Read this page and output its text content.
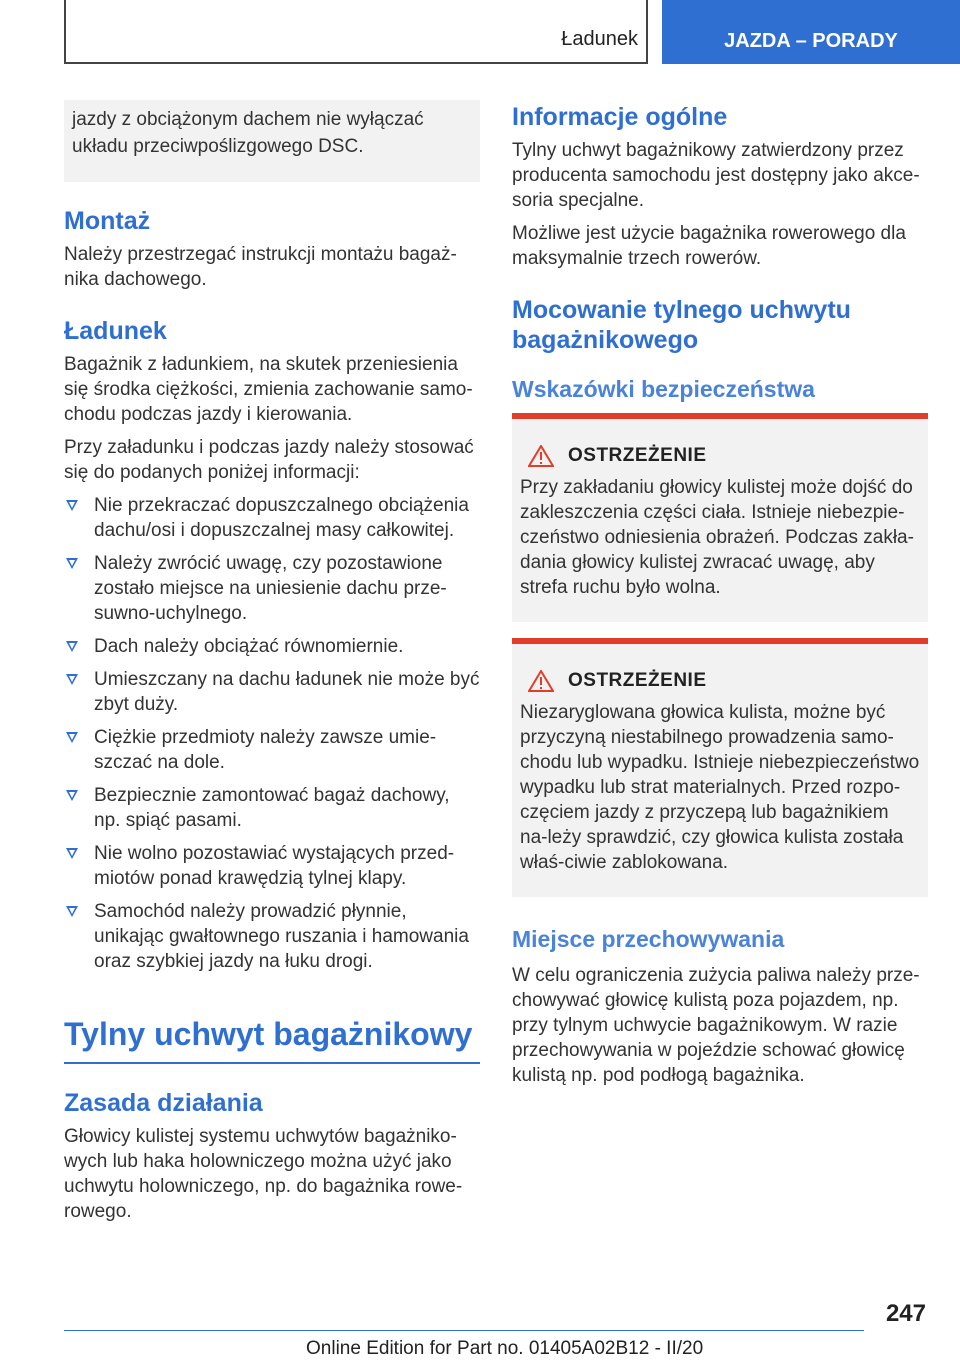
Ładunek	JAZDA – PORADY
jazdy z obciążonym dachem nie wyłączać układu przeciwpoślizgowego DSC.
Montaż

Należy przestrzegać instrukcji montażu bagaż-nika dachowego.

Ładunek

Bagażnik z ładunkiem, na skutek przeniesienia się środka ciężkości, zmienia zachowanie samo-chodu podczas jazdy i kierowania.

Przy załadunku i podczas jazdy należy stosować się do podanych poniżej informacji:

Nie przekraczać dopuszczalnego obciążenia dachu/osi i dopuszczalnej masy całkowitej.
Należy zwrócić uwagę, czy pozostawione zostało miejsce na uniesienie dachu prze-suwno-uchylnego.
Dach należy obciążać równomiernie.
Umieszczany na dachu ładunek nie może być zbyt duży.
Ciężkie przedmioty należy zawsze umie-szczać na dole.
Bezpiecznie zamontować bagaż dachowy, np. spiąć pasami.
Nie wolno pozostawiać wystających przed-miotów ponad krawędzią tylnej klapy.
Samochód należy prowadzić płynnie, unikając gwałtownego ruszania i hamowania oraz szybkiej jazdy na łuku drogi.
Tylny uchwyt bagażnikowy
Zasada działania

Głowicy kulistej systemu uchwytów bagażniko-wych lub haka holowniczego można użyć jako uchwytu holowniczego, np. do bagażnika rowe-rowego.

Informacje ogólne

Tylny uchwyt bagażnikowy zatwierdzony przez producenta samochodu jest dostępny jako akce-soria specjalne.

Możliwe jest użycie bagażnika rowerowego dla maksymalnie trzech rowerów.

Mocowanie tylnego uchwytu bagażnikowego
Wskazówki bezpieczeństwa
OSTRZEŻENIE

Przy zakładaniu głowicy kulistej może dojść do zakleszczenia części ciała. Istnieje niebezpie-czeństwo odniesienia obrażeń. Podczas zakła-dania głowicy kulistej zwracać uwagę, aby strefa ruchu było wolna.

OSTRZEŻENIE

Niezaryglowana głowica kulista, możne być przyczyną niestabilnego prowadzenia samo-chodu lub wypadku. Istnieje niebezpieczeństwo wypadku lub strat materialnych. Przed rozpo-częciem jazdy z przyczepą lub bagażnikiem na-leży sprawdzić, czy głowica kulista została właś-ciwie zablokowana.

Miejsce przechowywania

W celu ograniczenia zużycia paliwa należy prze-chowywać głowicę kulistą poza pojazdem, np. przy tylnym uchwycie bagażnikowym. W razie przechowywania w pojeździe schować głowicę kulistą np. pod podłogą bagażnika.

247
Online Edition for Part no. 01405A02B12 - II/20
